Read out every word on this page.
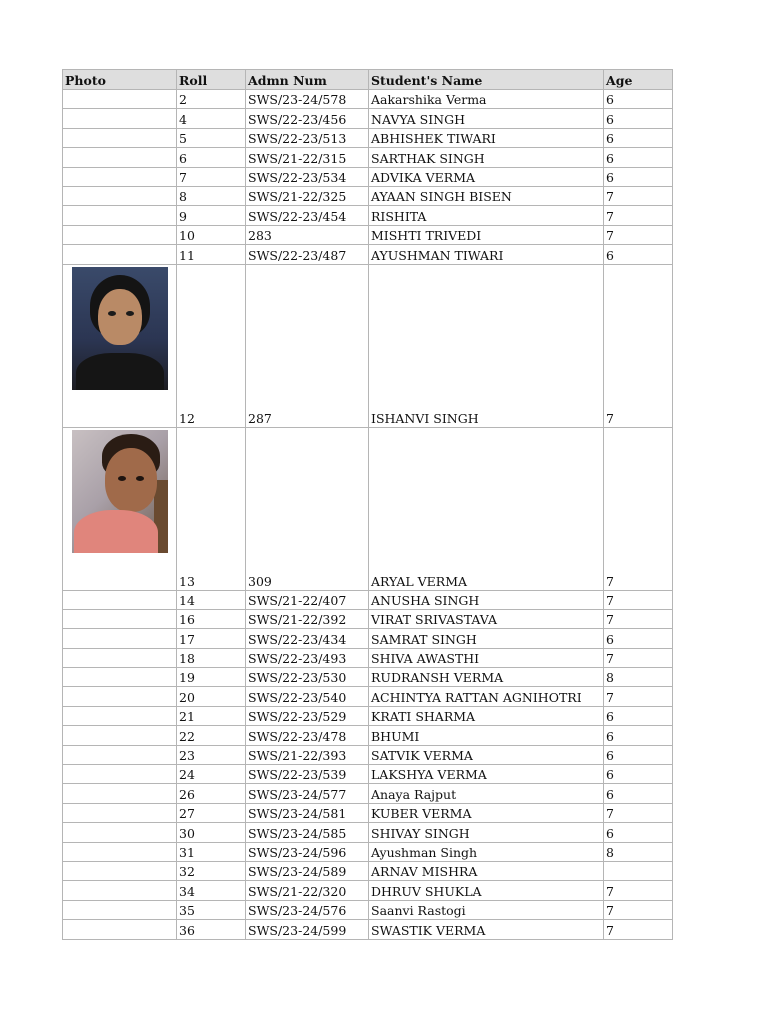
Photo	Roll	Admn Num	Student's Name	Age
	2	SWS/23-24/578	Aakarshika Verma	6
	4	SWS/22-23/456	NAVYA SINGH	6
	5	SWS/22-23/513	ABHISHEK TIWARI	6
	6	SWS/21-22/315	SARTHAK SINGH	6
	7	SWS/22-23/534	ADVIKA VERMA	6
	8	SWS/21-22/325	AYAAN SINGH BISEN	7
	9	SWS/22-23/454	RISHITA	7
	10	283	MISHTI TRIVEDI	7
	11	SWS/22-23/487	AYUSHMAN TIWARI	6

	12	287	ISHANVI SINGH	7

	13	309	ARYAL VERMA	7
	14	SWS/21-22/407	ANUSHA SINGH	7
	16	SWS/21-22/392	VIRAT SRIVASTAVA	7
	17	SWS/22-23/434	SAMRAT SINGH	6
	18	SWS/22-23/493	SHIVA AWASTHI	7
	19	SWS/22-23/530	RUDRANSH VERMA	8
	20	SWS/22-23/540	ACHINTYA RATTAN AGNIHOTRI	7
	21	SWS/22-23/529	KRATI SHARMA	6
	22	SWS/22-23/478	BHUMI	6
	23	SWS/21-22/393	SATVIK VERMA	6
	24	SWS/22-23/539	LAKSHYA VERMA	6
	26	SWS/23-24/577	Anaya Rajput	6
	27	SWS/23-24/581	KUBER VERMA	7
	30	SWS/23-24/585	SHIVAY SINGH	6
	31	SWS/23-24/596	Ayushman Singh	8
	32	SWS/23-24/589	ARNAV MISHRA	
	34	SWS/21-22/320	DHRUV SHUKLA	7
	35	SWS/23-24/576	Saanvi Rastogi	7
	36	SWS/23-24/599	SWASTIK VERMA	7
